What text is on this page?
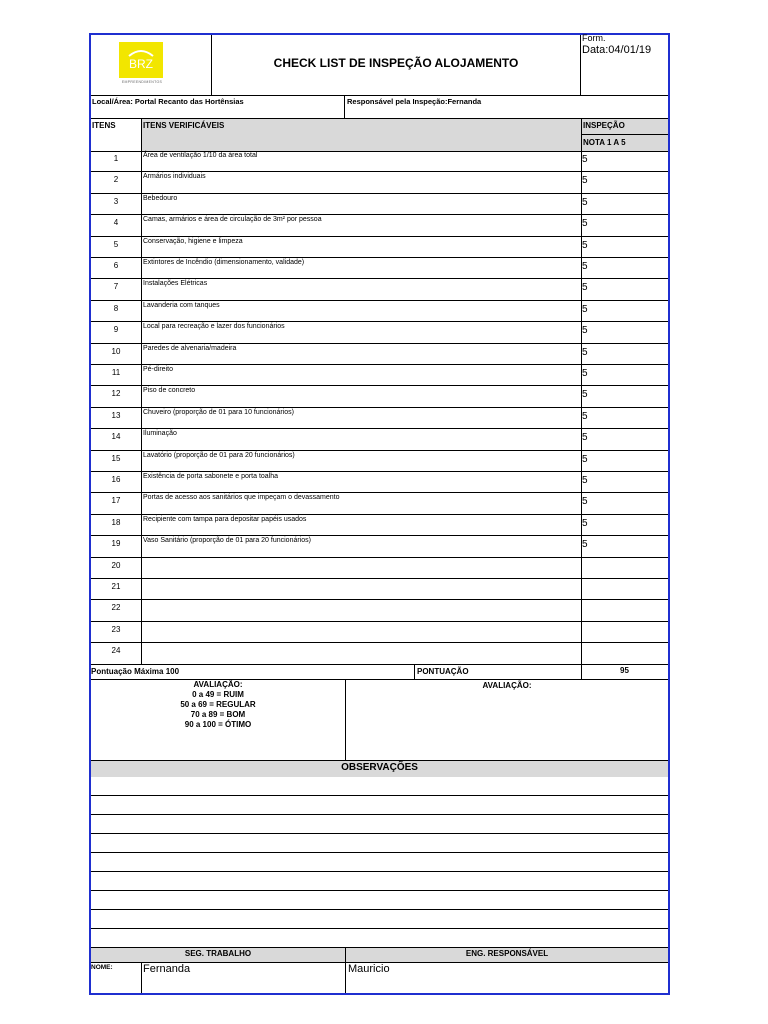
BRZ
EMPREENDIMENTOS
CHECK LIST DE INSPEÇÃO ALOJAMENTO
Form.
Data:04/01/19
Local/Área: Portal Recanto das Hortênsias	Responsável pela Inspeção:Fernanda
ITENS	ITENS VERIFICÁVEIS	INSPEÇÃO
NOTA 1 A 5
1	Área de ventilação 1/10 da área total	5
2	Armários individuais	5
3	Bebedouro	5
4	Camas, armários e área de circulação de 3m² por pessoa	5
5	Conservação, higiene e limpeza	5
6	Extintores de Incêndio (dimensionamento, validade)	5
7	Instalações Elétricas	5
8	Lavanderia com tanques	5
9	Local para recreação e lazer dos funcionários	5
10	Paredes de alvenaria/madeira	5
11	Pé-direito	5
12	Piso de concreto	5
13	Chuveiro (proporção de 01 para 10 funcionários)	5
14	Iluminação	5
15	Lavatório (proporção de 01 para 20 funcionários)	5
16	Existência de porta sabonete e porta toalha	5
17	Portas de acesso aos sanitários que impeçam o devassamento	5
18	Recipiente com tampa para depositar papéis usados	5
19	Vaso Sanitário (proporção de 01 para 20 funcionários)	5
20
21
22
23
24
Pontuação Máxima 100	PONTUAÇÃO	95
AVALIAÇÃO:
0 a 49 = RUIM
50 a 69 = REGULAR
70 a 89 = BOM
90 a 100 = ÓTIMO
AVALIAÇÃO:
OBSERVAÇÕES
SEG. TRABALHO	ENG. RESPONSÁVEL
NOME:	Fernanda	Mauricio
